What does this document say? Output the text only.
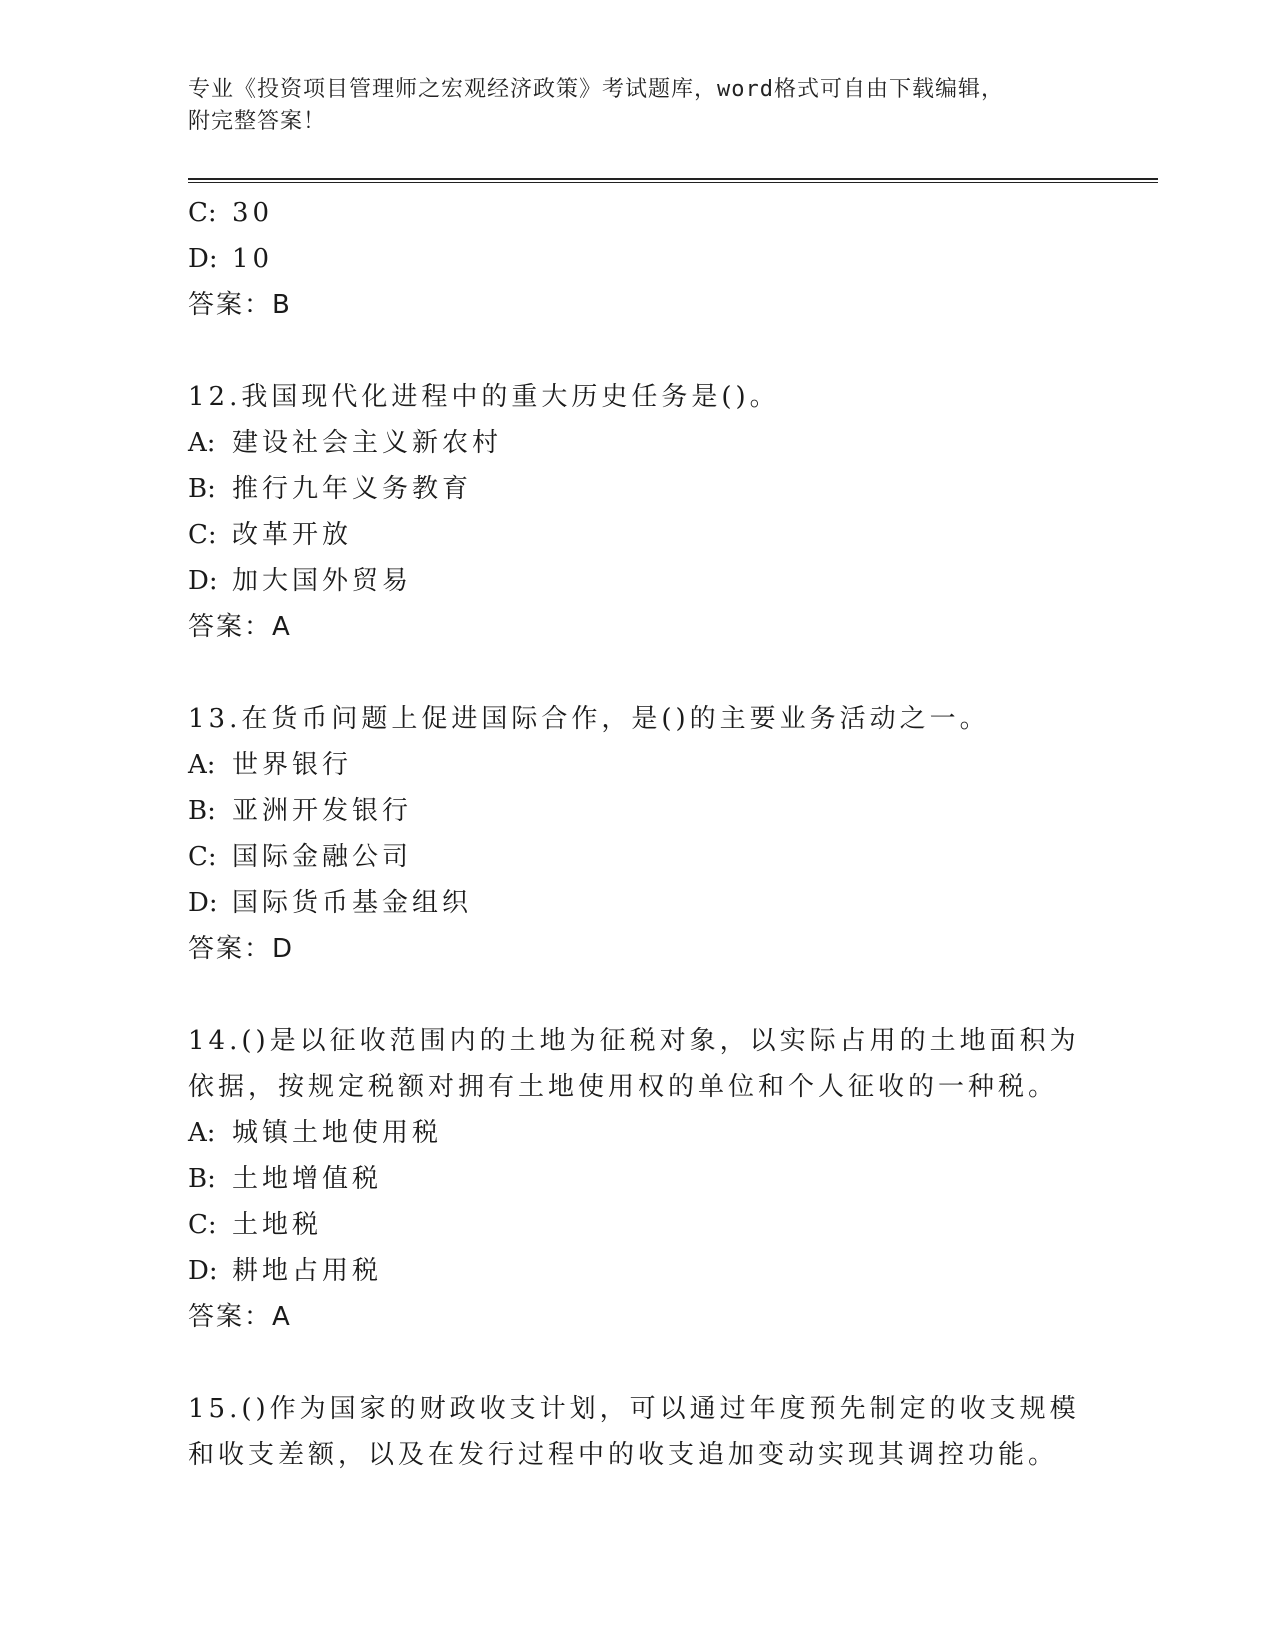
专业《投资项目管理师之宏观经济政策》考试题库，word格式可自由下载编辑，
附完整答案！
C: 30
D: 10
答案：B
12.我国现代化进程中的重大历史任务是()。
A: 建设社会主义新农村
B: 推行九年义务教育
C: 改革开放
D: 加大国外贸易
答案：A
13.在货币问题上促进国际合作，是()的主要业务活动之一。
A: 世界银行
B: 亚洲开发银行
C: 国际金融公司
D: 国际货币基金组织
答案：D
14.()是以征收范围内的土地为征税对象，以实际占用的土地面积为依据，按规定税额对拥有土地使用权的单位和个人征收的一种税。
A: 城镇土地使用税
B: 土地增值税
C: 土地税
D: 耕地占用税
答案：A
15.()作为国家的财政收支计划，可以通过年度预先制定的收支规模和收支差额，以及在发行过程中的收支追加变动实现其调控功能。
